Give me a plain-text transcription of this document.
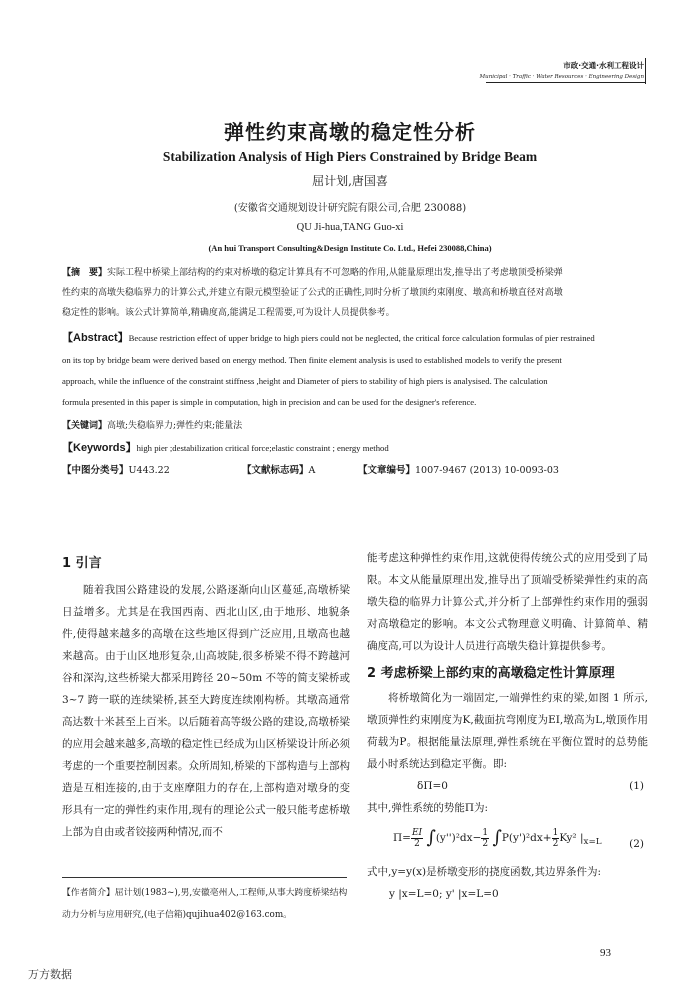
市政·交通·水利工程设计
Municipal · Traffic · Water Resources · Engineering Design
弹性约束高墩的稳定性分析
Stabilization Analysis of High Piers Constrained by Bridge Beam
屈计划,唐国喜
(安徽省交通规划设计研究院有限公司,合肥 230088)
QU Ji-hua,TANG Guo-xi
(An hui Transport Consulting&Design Institute Co. Ltd., Hefei 230088,China)
【摘　要】实际工程中桥梁上部结构的约束对桥墩的稳定计算具有不可忽略的作用,从能量原理出发,推导出了考虑墩顶受桥梁弹
性约束的高墩失稳临界力的计算公式,并建立有限元模型验证了公式的正确性,同时分析了墩顶约束刚度、墩高和桥墩直径对高墩
稳定性的影响。该公式计算简单,精确度高,能满足工程需要,可为设计人员提供参考。
【Abstract】Because restriction effect of upper bridge to high piers could not be neglected, the critical force calculation formulas of pier restrained
on its top by bridge beam were derived based on energy method. Then finite element analysis is used to established models to verify the present
approach, while the influence of the constraint stiffness ,height and Diameter of piers to stability of high piers is analysised. The calculation
formula presented in this paper is simple in computation, high in precision and can be used for the designer's reference.
【关键词】高墩;失稳临界力;弹性约束;能量法
【Keywords】high pier ;destabilization critical force;elastic constraint ; energy method
【中图分类号】U443.22	【文献标志码】A	【文章编号】1007-9467 (2013) 10-0093-03
1 引言

随着我国公路建设的发展,公路逐渐向山区蔓延,高墩桥梁日益增多。尤其是在我国西南、西北山区,由于地形、地貌条件,使得越来越多的高墩在这些地区得到广泛应用,且墩高也越来越高。由于山区地形复杂,山高坡陡,很多桥梁不得不跨越河谷和深沟,这些桥梁大都采用跨径 20~50m 不等的简支梁桥或 3~7 跨一联的连续梁桥,甚至大跨度连续刚构桥。其墩高通常高达数十米甚至上百米。以后随着高等级公路的建设,高墩桥梁的应用会越来越多,高墩的稳定性已经成为山区桥梁设计所必须考虑的一个重要控制因素。众所周知,桥梁的下部构造与上部构造是互相连接的,由于支座摩阻力的存在,上部构造对墩身的变形具有一定的弹性约束作用,现有的理论公式一般只能考虑桥墩上部为自由或者铰接两种情况,而不

能考虑这种弹性约束作用,这就使得传统公式的应用受到了局限。本文从能量原理出发,推导出了顶端受桥梁弹性约束的高墩失稳的临界力计算公式,并分析了上部弹性约束作用的强弱对高墩稳定的影响。本文公式物理意义明确、计算简单、精确度高,可以为设计人员进行高墩失稳计算提供参考。

2 考虑桥梁上部约束的高墩稳定性计算原理

将桥墩简化为一端固定,一端弹性约束的梁,如图 1 所示,墩顶弹性约束刚度为K,截面抗弯刚度为EI,墩高为L,墩顶作用荷载为P。根据能量法原理,弹性系统在平衡位置时的总势能最小时系统达到稳定平衡。即:

δΠ=0	(1)

其中,弹性系统的势能Π为:

$\Pi= \frac{EI}{2} \int(y'')^2dx- \frac{1}{2} \int P(y')^2dx+ \frac{1}{2} Ky^2$ $|_{x=L}$	(2)

式中,y=y(x)是桥墩变形的挠度函数,其边界条件为:

y |x=L=0; y' |x=L=0
【作者简介】屈计划(1983~),男,安徽亳州人,工程师,从事大跨度桥梁结构动力分析与应用研究,(电子信箱)qujihua402@163.com。
93
万方数据
